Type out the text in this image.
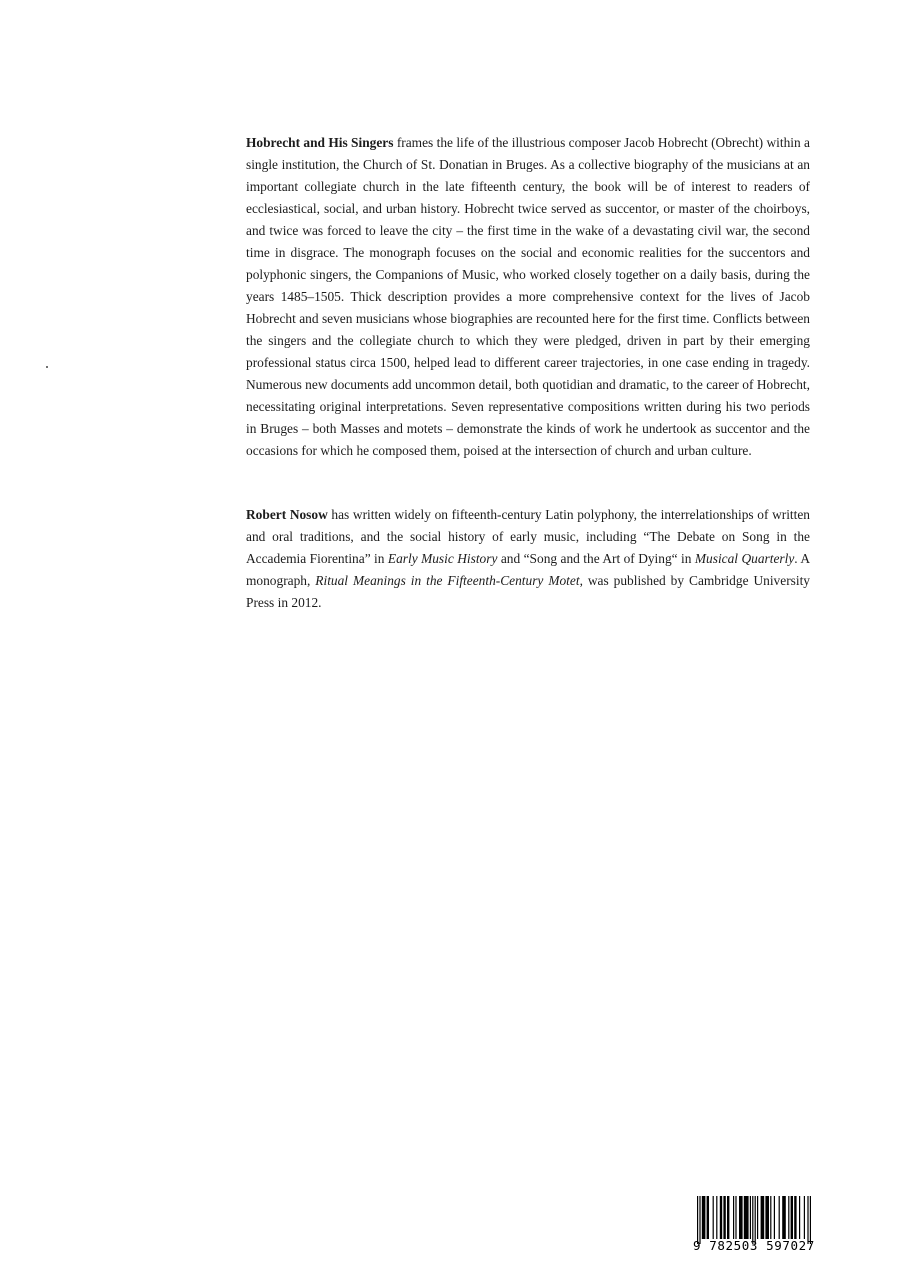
Hobrecht and His Singers frames the life of the illustrious composer Jacob Hobrecht (Obrecht) within a single institution, the Church of St. Donatian in Bruges. As a collective biography of the musicians at an important collegiate church in the late fifteenth century, the book will be of interest to readers of ecclesiastical, social, and urban history. Hobrecht twice served as succentor, or master of the choirboys, and twice was forced to leave the city – the first time in the wake of a devastating civil war, the second time in disgrace. The monograph focuses on the social and economic realities for the succentors and polyphonic singers, the Companions of Music, who worked closely together on a daily basis, during the years 1485–1505. Thick description provides a more comprehensive context for the lives of Jacob Hobrecht and seven musicians whose biographies are recounted here for the first time. Conflicts between the singers and the collegiate church to which they were pledged, driven in part by their emerging professional status circa 1500, helped lead to different career trajectories, in one case ending in tragedy. Numerous new documents add uncommon detail, both quotidian and dramatic, to the career of Hobrecht, necessitating original interpretations. Seven representative compositions written during his two periods in Bruges – both Masses and motets – demonstrate the kinds of work he undertook as succentor and the occasions for which he composed them, poised at the intersection of church and urban culture.

Robert Nosow has written widely on fifteenth-century Latin polyphony, the interrelationships of written and oral traditions, and the social history of early music, including “The Debate on Song in the Accademia Fiorentina” in Early Music History and “Song and the Art of Dying“ in Musical Quarterly. A monograph, Ritual Meanings in the Fifteenth-Century Motet, was published by Cambridge University Press in 2012.

9 782503 597027
